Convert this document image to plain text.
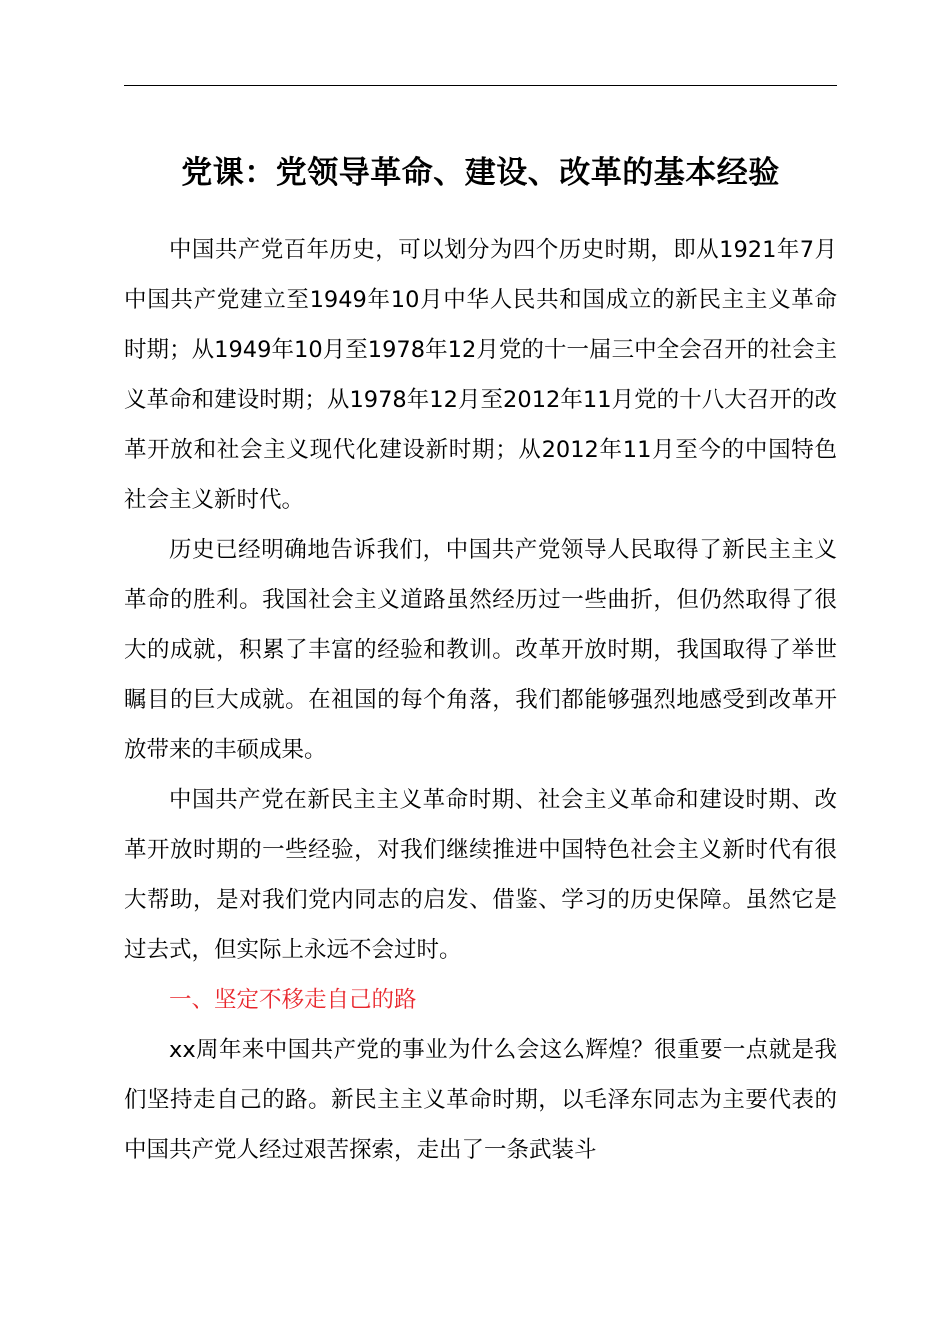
党课：党领导革命、建设、改革的基本经验

中国共产党百年历史，可以划分为四个历史时期，即从1921年7月中国共产党建立至1949年10月中华人民共和国成立的新民主主义革命时期；从1949年10月至1978年12月党的十一届三中全会召开的社会主义革命和建设时期；从1978年12月至2012年11月党的十八大召开的改革开放和社会主义现代化建设新时期；从2012年11月至今的中国特色社会主义新时代。

历史已经明确地告诉我们，中国共产党领导人民取得了新民主主义革命的胜利。我国社会主义道路虽然经历过一些曲折，但仍然取得了很大的成就，积累了丰富的经验和教训。改革开放时期，我国取得了举世瞩目的巨大成就。在祖国的每个角落，我们都能够强烈地感受到改革开放带来的丰硕成果。

中国共产党在新民主主义革命时期、社会主义革命和建设时期、改革开放时期的一些经验，对我们继续推进中国特色社会主义新时代有很大帮助，是对我们党内同志的启发、借鉴、学习的历史保障。虽然它是过去式，但实际上永远不会过时。

一、坚定不移走自己的路

xx周年来中国共产党的事业为什么会这么辉煌？很重要一点就是我们坚持走自己的路。新民主主义革命时期，以毛泽东同志为主要代表的中国共产党人经过艰苦探索，走出了一条武装斗
